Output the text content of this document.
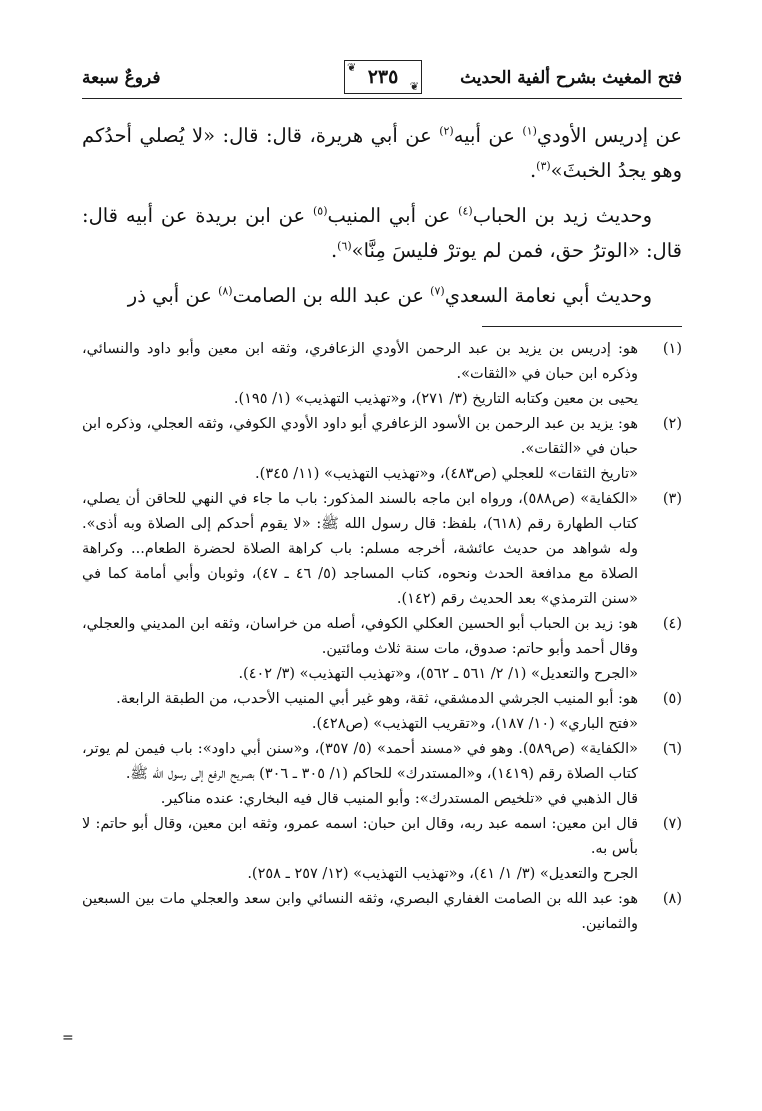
فتح المغيث بشرح ألفية الحديث
❦
❦
٢٣٥
فروعٌ سبعة

عن إدريس الأودي$^{(١)}$ عن أبيه$^{(٢)}$ عن أبي هريرة، قال: قال: «لا يُصلي أحدُكم وهو يجدُ الخبثَ»$^{(٣)}$.

وحديث زيد بن الحباب$^{(٤)}$ عن أبي المنيب$^{(٥)}$ عن ابن بريدة عن أبيه قال: قال: «الوترُ حق، فمن لم يوترْ فليسَ مِنَّا»$^{(٦)}$.

وحديث أبي نعامة السعدي$^{(٧)}$ عن عبد الله بن الصامت$^{(٨)}$ عن أبي ذر

(١)
هو: إدريس بن يزيد بن عبد الرحمن الأودي الزعافري، وثقه ابن معين وأبو داود والنسائي، وذكره ابن حبان في «الثقات».
يحيى بن معين وكتابه التاريخ (٣/ ٢٧١)، و«تهذيب التهذيب» (١/ ١٩٥).
(٢)
هو: يزيد بن عبد الرحمن بن الأسود الزعافري أبو داود الأودي الكوفي، وثقه العجلي، وذكره ابن حبان في «الثقات».
«تاريخ الثقات» للعجلي (ص٤٨٣)، و«تهذيب التهذيب» (١١/ ٣٤٥).
(٣)
«الكفاية» (ص٥٨٨)، ورواه ابن ماجه بالسند المذكور: باب ما جاء في النهي للحاقن أن يصلي، كتاب الطهارة رقم (٦١٨)، بلفظ: قال رسول الله ﷺ: «لا يقوم أحدكم إلى الصلاة وبه أذى». وله شواهد من حديث عائشة، أخرجه مسلم: باب كراهة الصلاة لحضرة الطعام... وكراهة الصلاة مع مدافعة الحدث ونحوه، كتاب المساجد (٥/ ٤٦ ـ ٤٧)، وثوبان وأبي أمامة كما في «سنن الترمذي» بعد الحديث رقم (١٤٢).
(٤)
هو: زيد بن الحباب أبو الحسين العكلي الكوفي، أصله من خراسان، وثقه ابن المديني والعجلي، وقال أحمد وأبو حاتم: صدوق، مات سنة ثلاث ومائتين.
«الجرح والتعديل» (١/ ٢/ ٥٦١ ـ ٥٦٢)، و«تهذيب التهذيب» (٣/ ٤٠٢).
(٥)
هو: أبو المنيب الجرشي الدمشقي، ثقة، وهو غير أبي المنيب الأحدب، من الطبقة الرابعة.
«فتح الباري» (١٠/ ١٨٧)، و«تقريب التهذيب» (ص٤٢٨).
(٦)
«الكفاية» (ص٥٨٩). وهو في «مسند أحمد» (٥/ ٣٥٧)، و«سنن أبي داود»: باب فيمن لم يوتر، كتاب الصلاة رقم (١٤١٩)، و«المستدرك» للحاكم (١/ ٣٠٥ ـ ٣٠٦) بصريح الرفع إلى رسول الله ﷺ.
قال الذهبي في «تلخيص المستدرك»: وأبو المنيب قال فيه البخاري: عنده مناكير.
(٧)
قال ابن معين: اسمه عبد ربه، وقال ابن حبان: اسمه عمرو، وثقه ابن معين، وقال أبو حاتم: لا بأس به.
الجرح والتعديل» (٣/ ١/ ٤١)، و«تهذيب التهذيب» (١٢/ ٢٥٧ ـ ٢٥٨).
(٨)
هو: عبد الله بن الصامت الغفاري البصري، وثقه النسائي وابن سعد والعجلي مات بين السبعين والثمانين.
=
